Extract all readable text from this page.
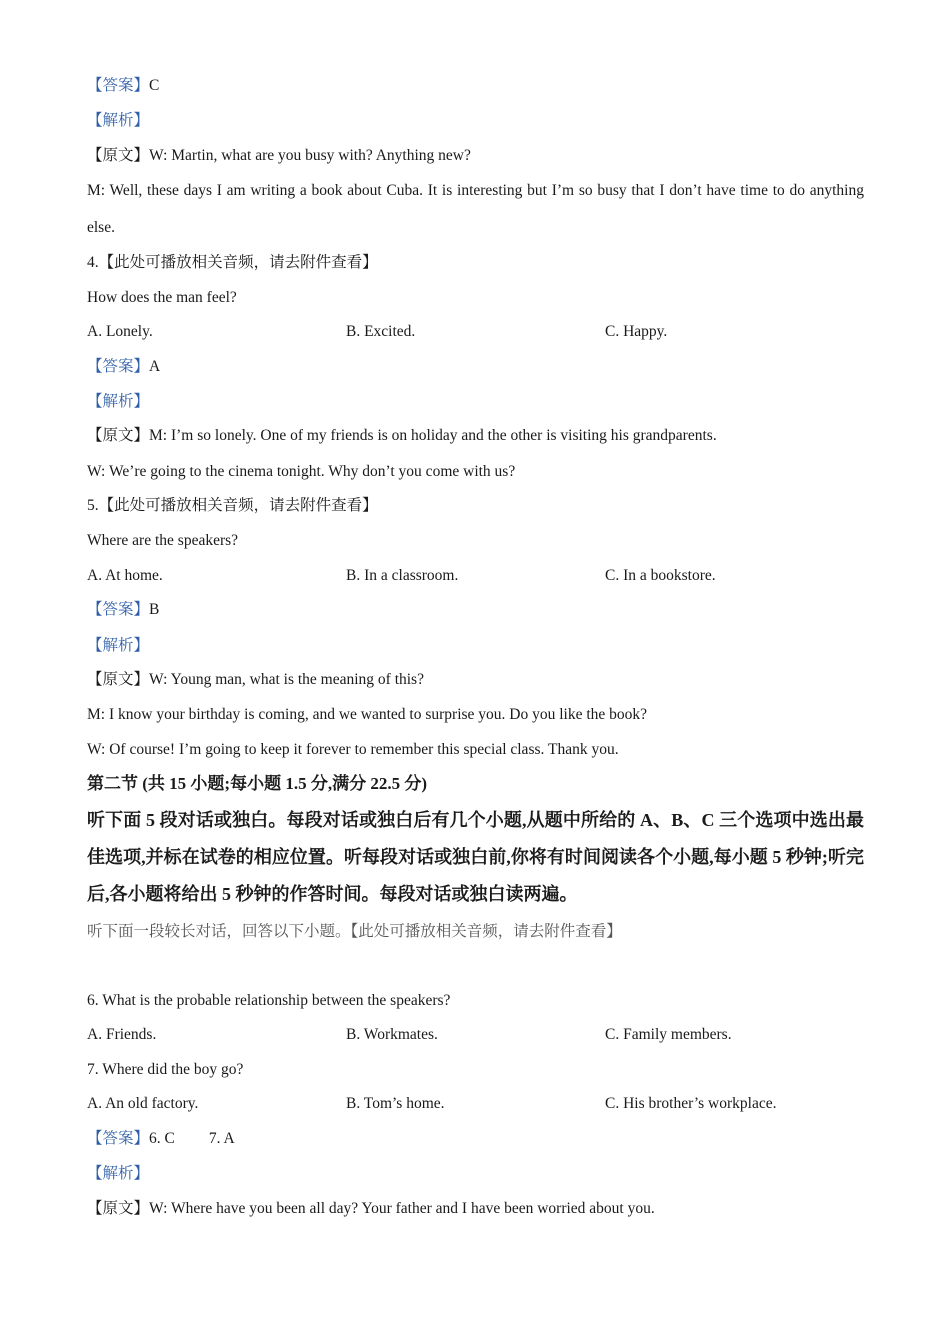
【答案】C
【解析】
【原文】W: Martin, what are you busy with? Anything new?
M: Well, these days I am writing a book about Cuba. It is interesting but I’m so busy that I don’t have time to do anything else.
4.【此处可播放相关音频，请去附件查看】
How does the man feel?
A. Lonely.	B. Excited.	C. Happy.
【答案】A
【解析】
【原文】M: I’m so lonely. One of my friends is on holiday and the other is visiting his grandparents.
W: We’re going to the cinema tonight. Why don’t you come with us?
5.【此处可播放相关音频，请去附件查看】
Where are the speakers?
A. At home.	B. In a classroom.	C. In a bookstore.
【答案】B
【解析】
【原文】W: Young man, what is the meaning of this?
M: I know your birthday is coming, and we wanted to surprise you. Do you like the book?
W: Of course! I’m going to keep it forever to remember this special class. Thank you.
第二节 (共 15 小题;每小题 1.5 分,满分 22.5 分)
听下面 5 段对话或独白。每段对话或独白后有几个小题,从题中所给的 A、B、C 三个选项中选出最佳选项,并标在试卷的相应位置。听每段对话或独白前,你将有时间阅读各个小题,每小题 5 秒钟;听完后,各小题将给出 5 秒钟的作答时间。每段对话或独白读两遍。
听下面一段较长对话，回答以下小题。【此处可播放相关音频，请去附件查看】
6. What is the probable relationship between the speakers?
A. Friends.	B. Workmates.	C. Family members.
7. Where did the boy go?
A. An old factory.	B. Tom’s home.	C. His brother’s workplace.
【答案】6. C 7. A
【解析】
【原文】W: Where have you been all day? Your father and I have been worried about you.
